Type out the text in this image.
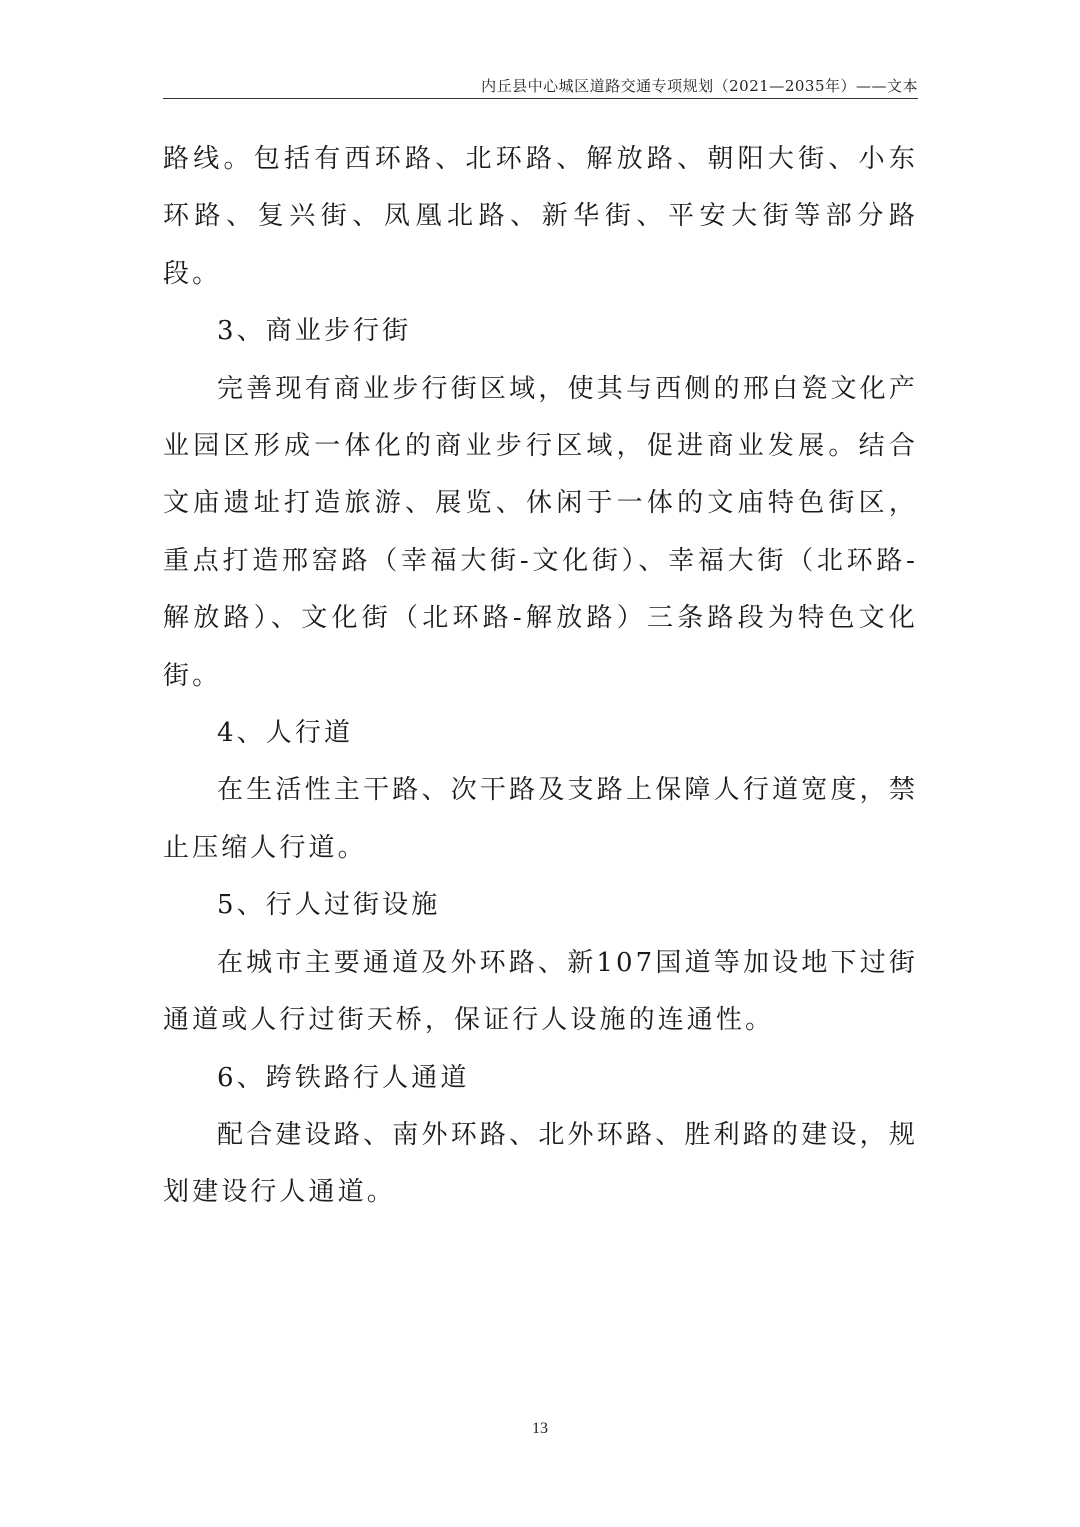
内丘县中心城区道路交通专项规划（2021—2035年）——文本

路线。包括有西环路、北环路、解放路、朝阳大街、小东环路、复兴街、凤凰北路、新华街、平安大街等部分路段。

3、商业步行街

完善现有商业步行街区域，使其与西侧的邢白瓷文化产业园区形成一体化的商业步行区域，促进商业发展。结合文庙遗址打造旅游、展览、休闲于一体的文庙特色街区，重点打造邢窑路（幸福大街-文化街）、幸福大街（北环路-解放路）、文化街（北环路-解放路）三条路段为特色文化街。

4、人行道

在生活性主干路、次干路及支路上保障人行道宽度，禁止压缩人行道。

5、行人过街设施

在城市主要通道及外环路、新107国道等加设地下过街通道或人行过街天桥，保证行人设施的连通性。

6、跨铁路行人通道

配合建设路、南外环路、北外环路、胜利路的建设，规划建设行人通道。

13
